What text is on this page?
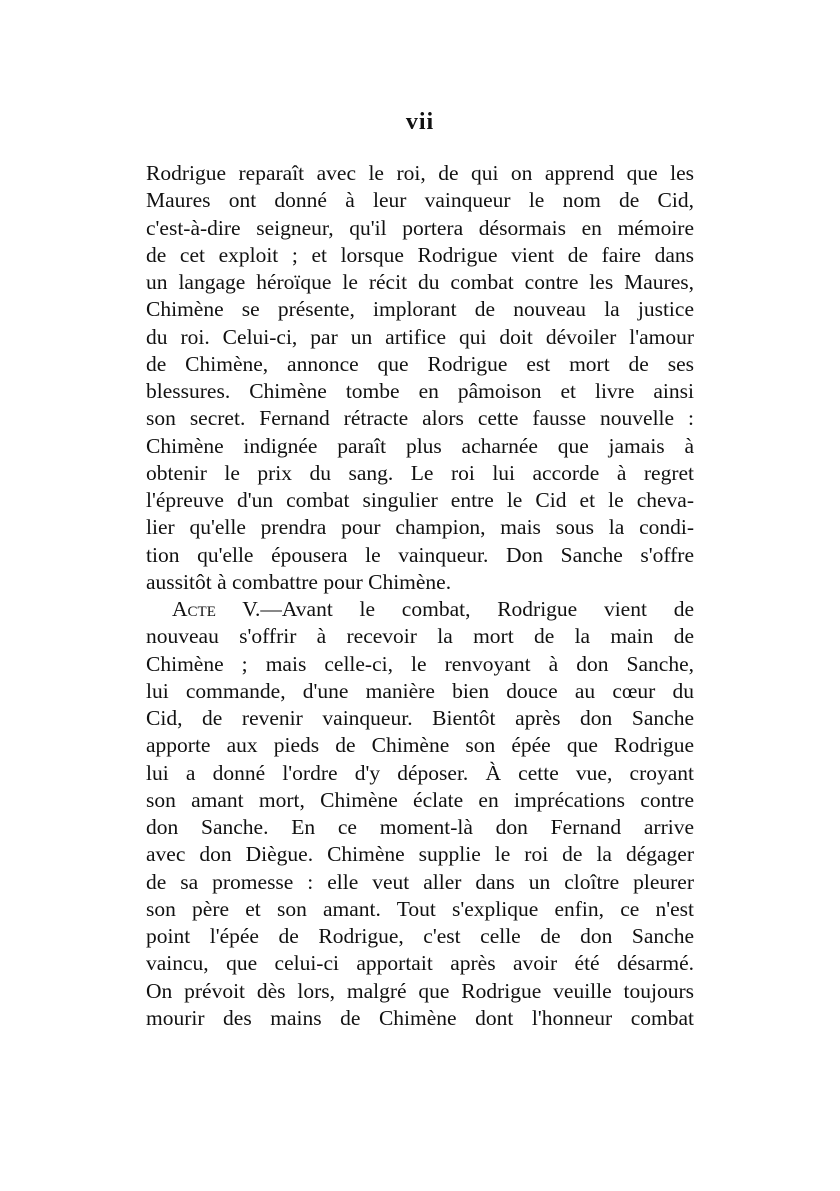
vii
Rodrigue reparaît avec le roi, de qui on apprend que les
Maures ont donné à leur vainqueur le nom de Cid,
c'est-à-dire seigneur, qu'il portera désormais en mémoire
de cet exploit ; et lorsque Rodrigue vient de faire dans
un langage héroïque le récit du combat contre les Maures,
Chimène se présente, implorant de nouveau la justice
du roi. Celui-ci, par un artifice qui doit dévoiler l'amour
de Chimène, annonce que Rodrigue est mort de ses
blessures. Chimène tombe en pâmoison et livre ainsi
son secret. Fernand rétracte alors cette fausse nouvelle :
Chimène indignée paraît plus acharnée que jamais à
obtenir le prix du sang. Le roi lui accorde à regret
l'épreuve d'un combat singulier entre le Cid et le cheva-
lier qu'elle prendra pour champion, mais sous la condi-
tion qu'elle épousera le vainqueur. Don Sanche s'offre
aussitôt à combattre pour Chimène.
Acte V.—Avant le combat, Rodrigue vient de
nouveau s'offrir à recevoir la mort de la main de
Chimène ; mais celle-ci, le renvoyant à don Sanche,
lui commande, d'une manière bien douce au cœur du
Cid, de revenir vainqueur. Bientôt après don Sanche
apporte aux pieds de Chimène son épée que Rodrigue
lui a donné l'ordre d'y déposer. À cette vue, croyant
son amant mort, Chimène éclate en imprécations contre
don Sanche. En ce moment-là don Fernand arrive
avec don Diègue. Chimène supplie le roi de la dégager
de sa promesse : elle veut aller dans un cloître pleurer
son père et son amant. Tout s'explique enfin, ce n'est
point l'épée de Rodrigue, c'est celle de don Sanche
vaincu, que celui-ci apportait après avoir été désarmé.
On prévoit dès lors, malgré que Rodrigue veuille toujours
mourir des mains de Chimène dont l'honneur combat
